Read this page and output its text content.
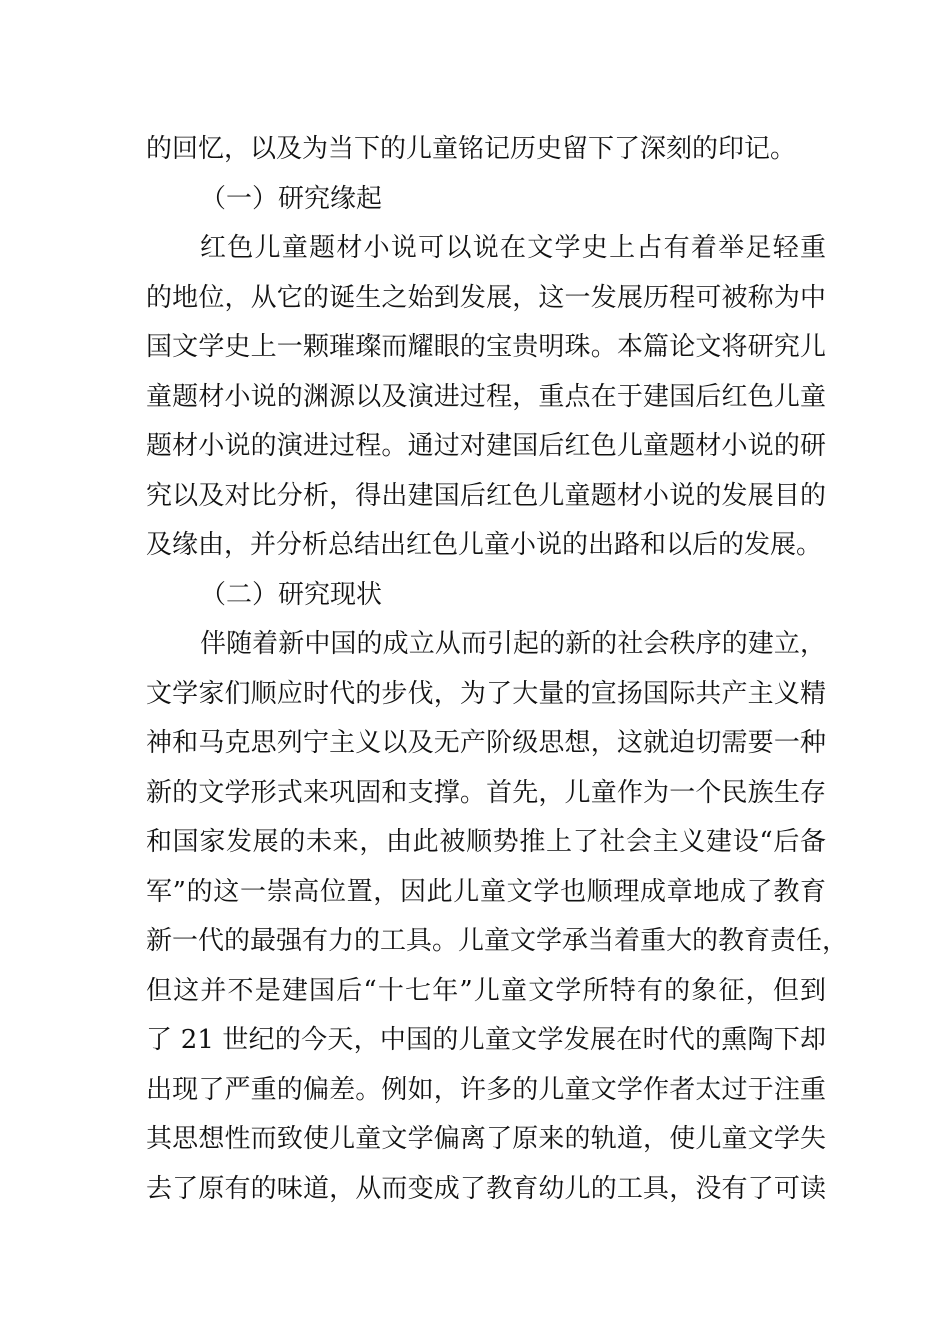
的回忆，以及为当下的儿童铭记历史留下了深刻的印记。
（一）研究缘起
红色儿童题材小说可以说在文学史上占有着举足轻重
的地位，从它的诞生之始到发展，这一发展历程可被称为中
国文学史上一颗璀璨而耀眼的宝贵明珠。本篇论文将研究儿
童题材小说的渊源以及演进过程，重点在于建国后红色儿童
题材小说的演进过程。通过对建国后红色儿童题材小说的研
究以及对比分析，得出建国后红色儿童题材小说的发展目的
及缘由，并分析总结出红色儿童小说的出路和以后的发展。
（二）研究现状
伴随着新中国的成立从而引起的新的社会秩序的建立，
文学家们顺应时代的步伐，为了大量的宣扬国际共产主义精
神和马克思列宁主义以及无产阶级思想，这就迫切需要一种
新的文学形式来巩固和支撑。首先，儿童作为一个民族生存
和国家发展的未来，由此被顺势推上了社会主义建设“后备
军”的这一崇高位置，因此儿童文学也顺理成章地成了教育
新一代的最强有力的工具。儿童文学承当着重大的教育责任，
但这并不是建国后“十七年”儿童文学所特有的象征，但到
了 21 世纪的今天，中国的儿童文学发展在时代的熏陶下却
出现了严重的偏差。例如，许多的儿童文学作者太过于注重
其思想性而致使儿童文学偏离了原来的轨道，使儿童文学失
去了原有的味道，从而变成了教育幼儿的工具，没有了可读
